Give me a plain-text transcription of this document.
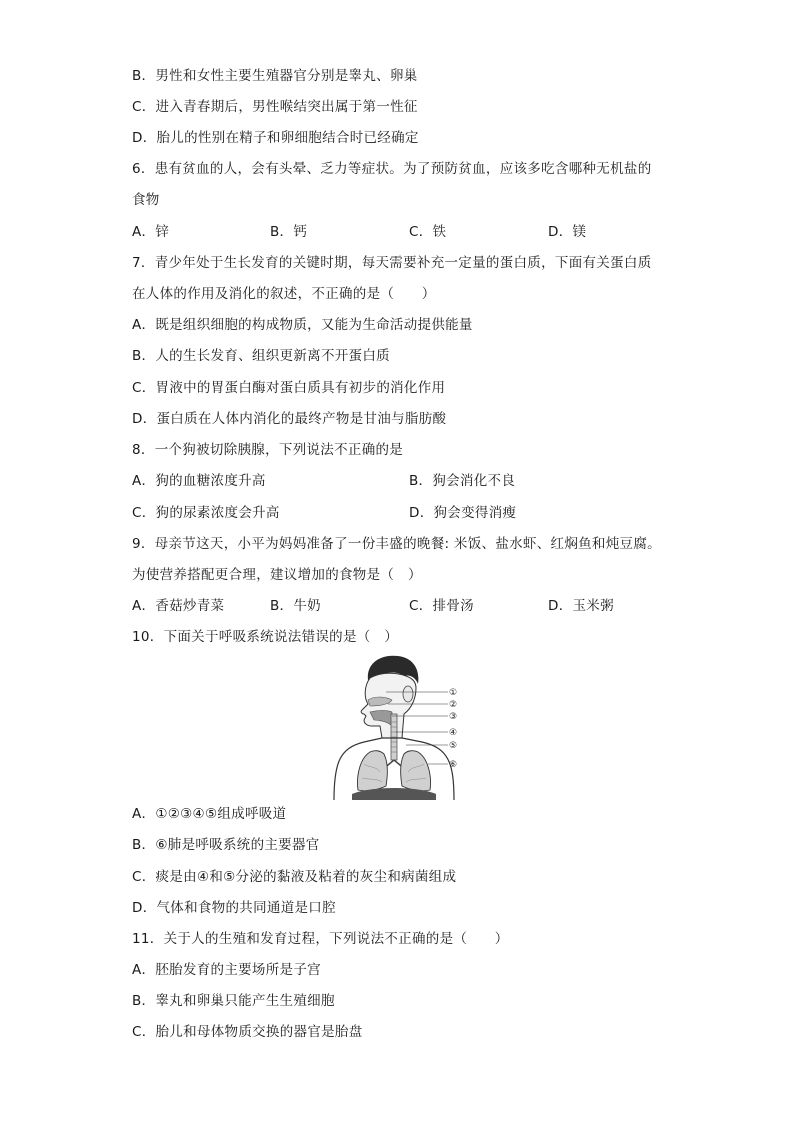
B．男性和女性主要生殖器官分别是睾丸、卵巢
C．进入青春期后，男性喉结突出属于第一性征
D．胎儿的性别在精子和卵细胞结合时已经确定
6．患有贫血的人，会有头晕、乏力等症状。为了预防贫血，应该多吃含哪种无机盐的
食物
A．锌	B．钙	C．铁	D．镁
7．青少年处于生长发育的关键时期，每天需要补充一定量的蛋白质，下面有关蛋白质
在人体的作用及消化的叙述，不正确的是（　　）
A．既是组织细胞的构成物质，又能为生命活动提供能量
B．人的生长发育、组织更新离不开蛋白质
C．胃液中的胃蛋白酶对蛋白质具有初步的消化作用
D．蛋白质在人体内消化的最终产物是甘油与脂肪酸
8．一个狗被切除胰腺，下列说法不正确的是
A．狗的血糖浓度升高	B．狗会消化不良
C．狗的尿素浓度会升高	D．狗会变得消瘦
9．母亲节这天，小平为妈妈准备了一份丰盛的晚餐: 米饭、盐水虾、红焖鱼和炖豆腐。
为使营养搭配更合理，建议增加的食物是（　）
A．香菇炒青菜	B．牛奶	C．排骨汤	D．玉米粥
10．下面关于呼吸系统说法错误的是（　）
①
②
③
④
⑤
⑥
A．①②③④⑤组成呼吸道
B．⑥肺是呼吸系统的主要器官
C．痰是由④和⑤分泌的黏液及粘着的灰尘和病菌组成
D．气体和食物的共同通道是口腔
11．关于人的生殖和发育过程，下列说法不正确的是（　　）
A．胚胎发育的主要场所是子宫
B．睾丸和卵巢只能产生生殖细胞
C．胎儿和母体物质交换的器官是胎盘
